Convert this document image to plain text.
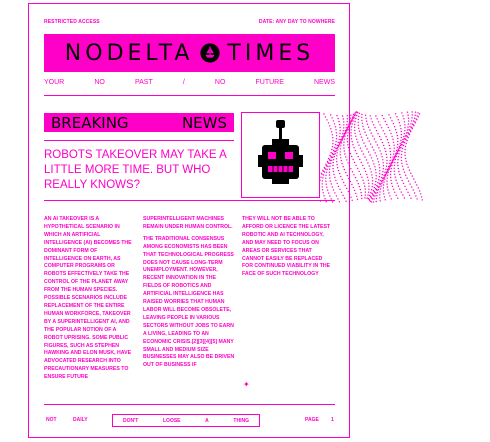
RESTRICTED ACCESS	DATE: ANY DAY TO NOWHERE
NODELTA TIMES
YOUR	NO	PAST	/	NO	FUTURE	NEWS
BREAKING	NEWS
ROBOTS TAKEOVER MAY TAKE A LITTLE MORE TIME. BUT WHO REALLY KNOWS?

AN AI TAKEOVER IS A HYPOTHETICAL SCENARIO IN WHICH AN ARTIFICIAL INTELLIGENCE (AI) BECOMES THE DOMINANT FORM OF INTELLIGENCE ON EARTH, AS COMPUTER PROGRAMS OR ROBOTS EFFECTIVELY TAKE THE CONTROL OF THE PLANET AWAY FROM THE HUMAN SPECIES. POSSIBLE SCENARIOS INCLUDE REPLACEMENT OF THE ENTIRE HUMAN WORKFORCE, TAKEOVER BY A SUPERINTELLIGENT AI, AND THE POPULAR NOTION OF A ROBOT UPRISING. SOME PUBLIC FIGURES, SUCH AS STEPHEN HAWKING AND ELON MUSK, HAVE ADVOCATED RESEARCH INTO PRECAUTIONARY MEASURES TO ENSURE FUTURE

SUPERINTELLIGENT MACHINES REMAIN UNDER HUMAN CONTROL.

THE TRADITIONAL CONSENSUS AMONG ECONOMISTS HAS BEEN THAT TECHNOLOGICAL PROGRESS DOES NOT CAUSE LONG-TERM UNEMPLOYMENT. HOWEVER, RECENT INNOVATION IN THE FIELDS OF ROBOTICS AND ARTIFICIAL INTELLIGENCE HAS RAISED WORRIES THAT HUMAN LABOR WILL BECOME OBSOLETE, LEAVING PEOPLE IN VARIOUS SECTORS WITHOUT JOBS TO EARN A LIVING, LEADING TO AN ECONOMIC CRISIS.[2][3][4][5] MANY SMALL AND MEDIUM SIZE BUSINESSES MAY ALSO BE DRIVEN OUT OF BUSINESS IF

THEY WILL NOT BE ABLE TO AFFORD OR LICENCE THE LATEST ROBOTIC AND AI TECHNOLOGY, AND MAY NEED TO FOCUS ON AREAS OR SERVICES THAT CANNOT EASILY BE REPLACED FOR CONTINUED VIABILITY IN THE FACE OF SUCH TECHNOLOGY

✦
NOT	DAILY	DON'T	LOOSE	A	THING	PAGE 1
